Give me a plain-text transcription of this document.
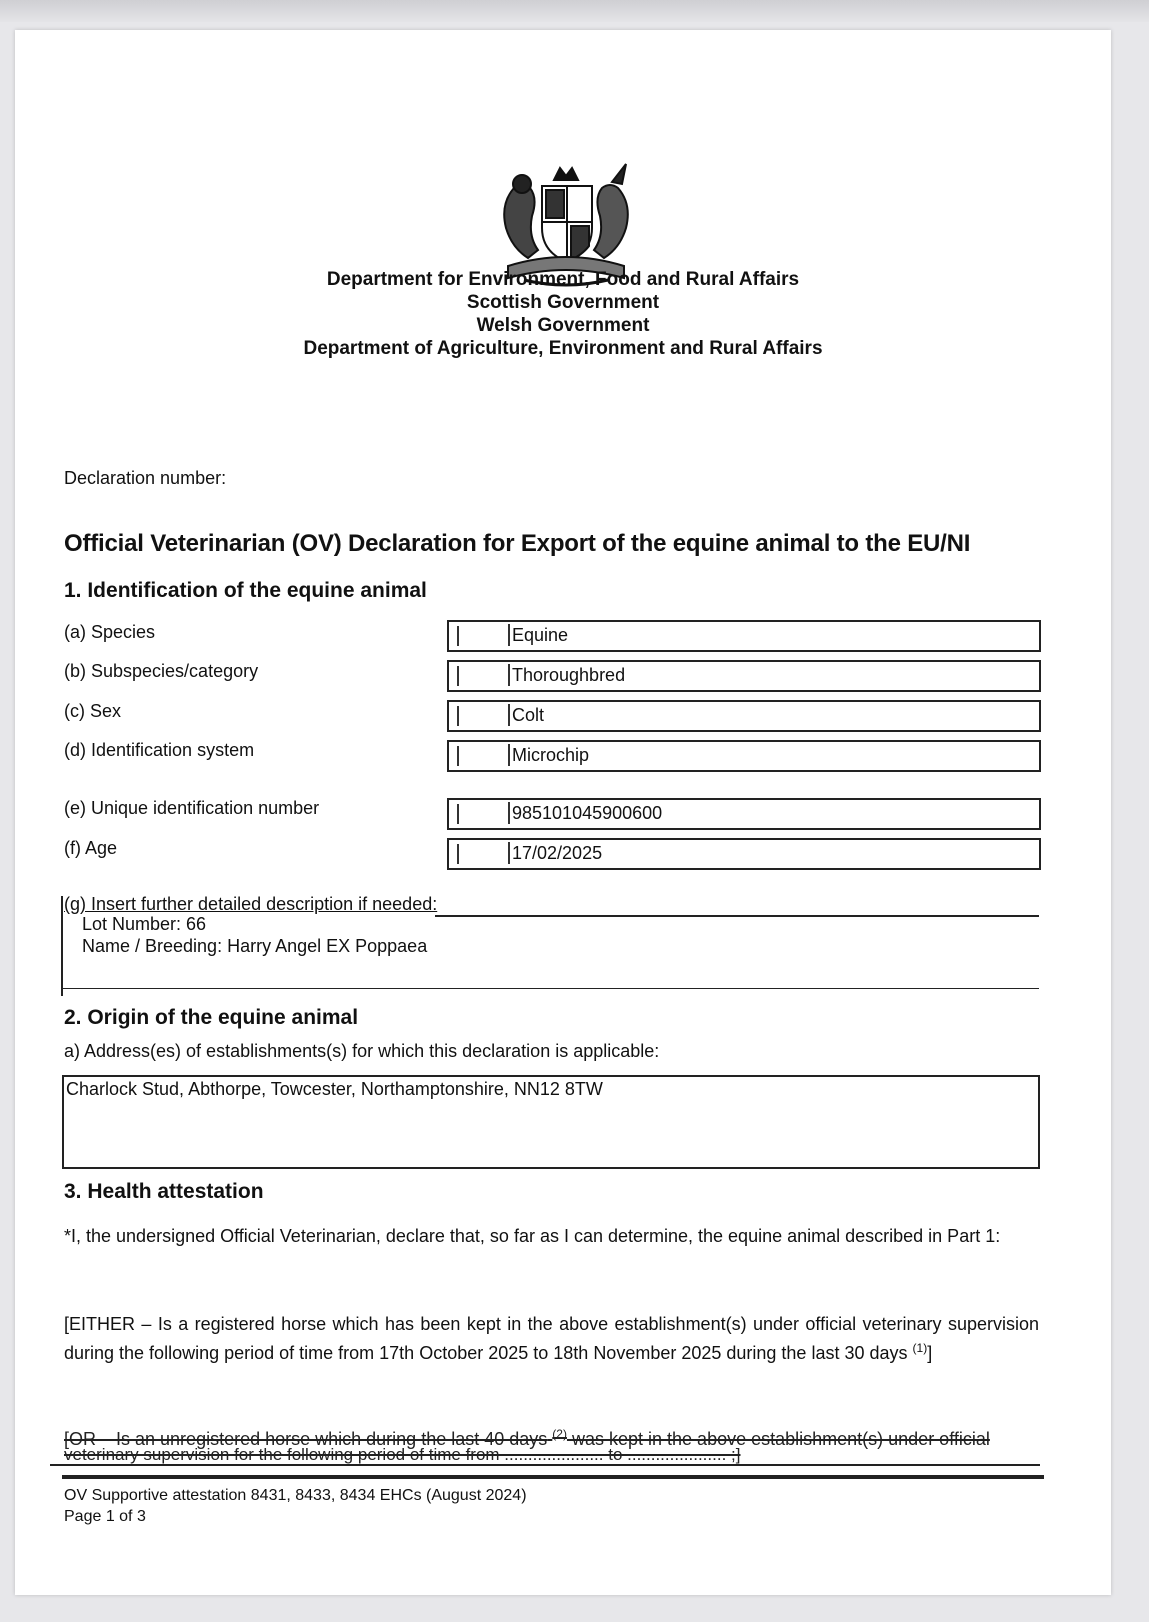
Department for Environment, Food and Rural Affairs
Scottish Government
Welsh Government
Department of Agriculture, Environment and Rural Affairs
Declaration number:
Official Veterinarian (OV) Declaration for Export of the equine animal to the EU/NI
1. Identification of the equine animal
(a) Species	Equine
(b) Subspecies/category	Thoroughbred
(c) Sex	Colt
(d) Identification system	Microchip
(e) Unique identification number	985101045900600
(f) Age	17/02/2025
(g) Insert further detailed description if needed:
Lot Number: 66
Name / Breeding: Harry Angel EX Poppaea
2. Origin of the equine animal
a) Address(es) of establishments(s) for which this declaration is applicable:
Charlock Stud, Abthorpe, Towcester, Northamptonshire, NN12 8TW
3. Health attestation
*I, the undersigned Official Veterinarian, declare that, so far as I can determine, the equine animal described in Part 1:
[EITHER – Is a registered horse which has been kept in the above establishment(s) under official veterinary supervision during the following period of time from 17th October 2025 to 18th November 2025 during the last 30 days $^{(1)}$]
[OR – Is an unregistered horse which during the last 40 days $^{(2)}$ was kept in the above establishment(s) under official
veterinary supervision for the following period of time from ..................... to ..................... ;]
OV Supportive attestation 8431, 8433, 8434 EHCs (August 2024)
Page 1 of 3
